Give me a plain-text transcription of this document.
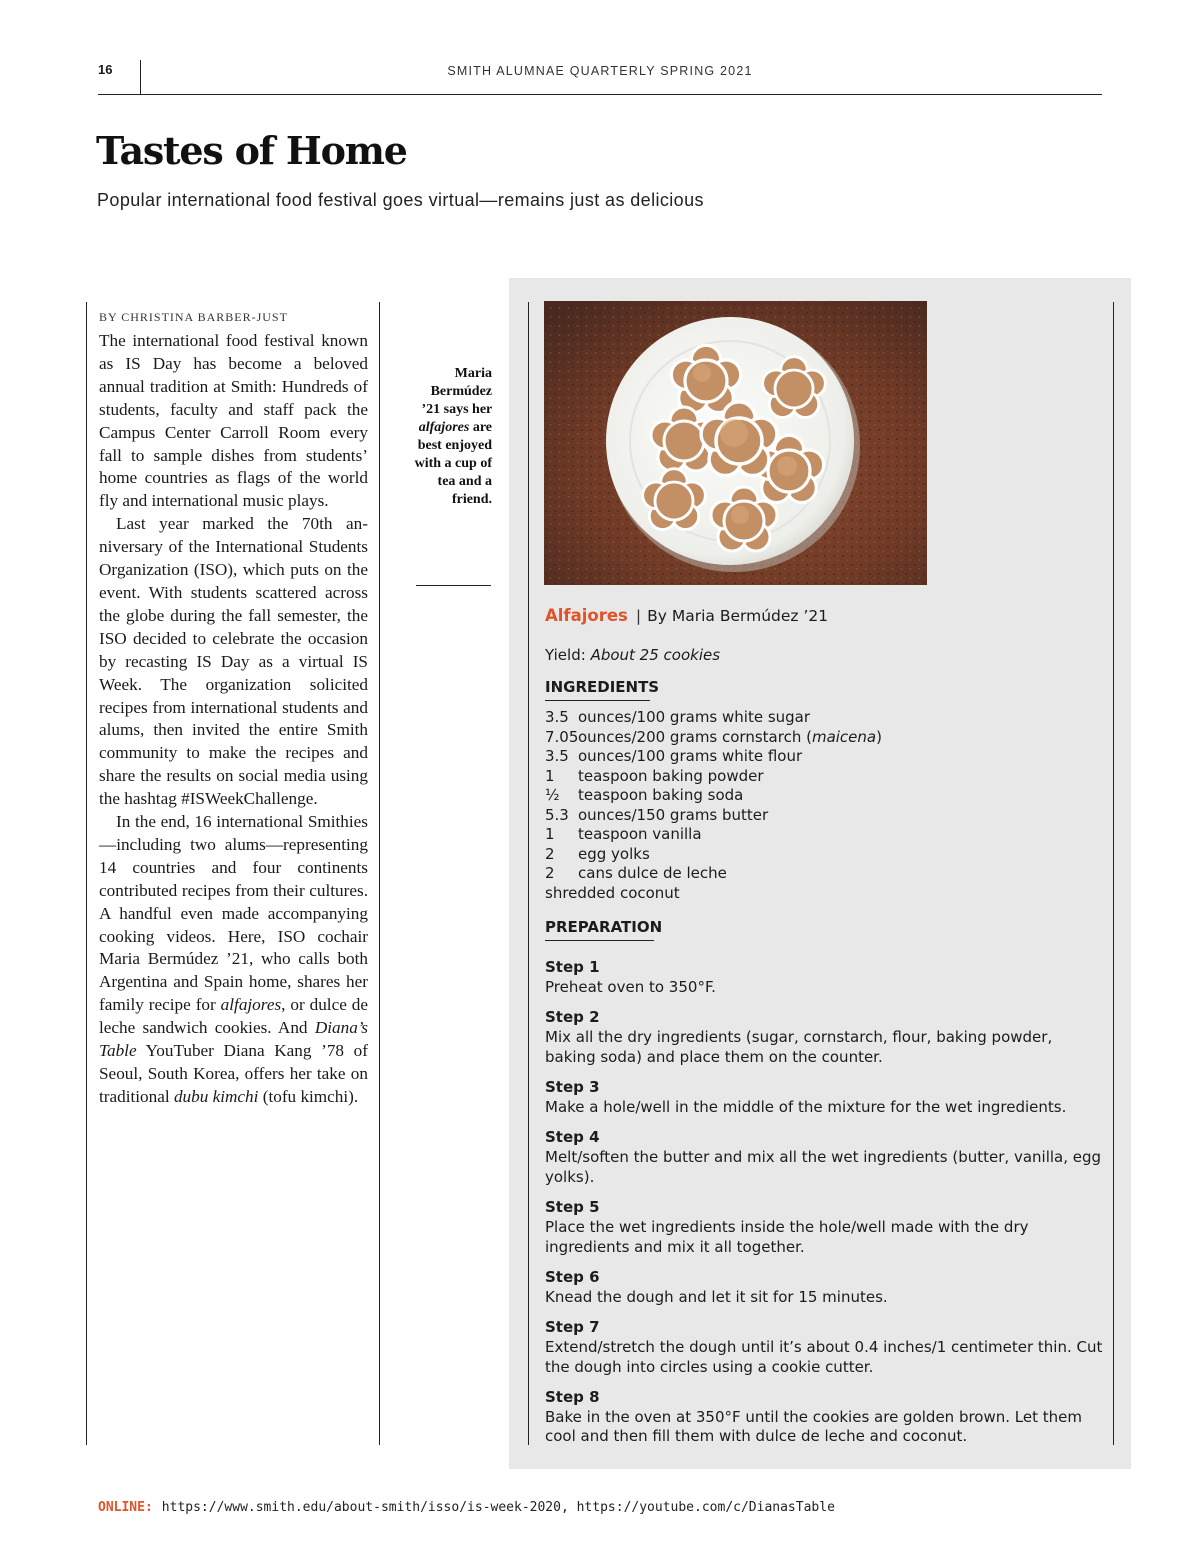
16	SMITH ALUMNAE QUARTERLY SPRING 2021
Tastes of Home
Popular international food festival goes virtual—remains just as delicious
BY CHRISTINA BARBER-JUST

The international food festival known as IS Day has become a beloved annual tradition at Smith: Hundreds of students, faculty and staff pack the Campus Center Carroll Room every fall to sample dishes from students’ home countries as flags of the world fly and international music plays.

Last year marked the 70th anniversary of the International Students Organization (ISO), which puts on the event. With students scattered across the globe during the fall semester, the ISO decided to celebrate the occasion by recasting IS Day as a virtual IS Week. The organization solicited recipes from international students and alums, then invited the entire Smith community to make the recipes and share the results on social media using the hashtag #ISWeekChallenge.

In the end, 16 international Smithies—including two alums—representing 14 countries and four continents contributed recipes from their cultures. A handful even made accompanying cooking videos. Here, ISO cochair Maria Bermúdez ’21, who calls both Argentina and Spain home, shares her family recipe for alfajores, or dulce de leche sandwich cookies. And Diana’s Table YouTuber Diana Kang ’78 of Seoul, South Korea, offers her take on traditional dubu kimchi (tofu kimchi).

Maria Bermúdez ’21 says her alfajores are best enjoyed with a cup of tea and a friend.
Alfajores | By Maria Bermúdez ’21
Yield: About 25 cookies
INGREDIENTS
3.5 ounces/100 grams white sugar
7.05ounces/200 grams cornstarch (maicena)
3.5 ounces/100 grams white flour
1 teaspoon baking powder
½ teaspoon baking soda
5.3 ounces/150 grams butter
1 teaspoon vanilla
2 egg yolks
2 cans dulce de leche
shredded coconut
PREPARATION
Step 1
Preheat oven to 350°F.
Step 2
Mix all the dry ingredients (sugar, cornstarch, flour, baking powder, baking soda) and place them on the counter.
Step 3
Make a hole/well in the middle of the mixture for the wet ingredients.
Step 4
Melt/soften the butter and mix all the wet ingredients (butter, vanilla, egg yolks).
Step 5
Place the wet ingredients inside the hole/well made with the dry ingredients and mix it all together.
Step 6
Knead the dough and let it sit for 15 minutes.
Step 7
Extend/stretch the dough until it’s about 0.4 inches/1 centimeter thin. Cut the dough into circles using a cookie cutter.
Step 8
Bake in the oven at 350°F until the cookies are golden brown. Let them cool and then fill them with dulce de leche and coconut.
ONLINE: https://www.smith.edu/about-smith/isso/is-week-2020, https://youtube.com/c/DianasTable
